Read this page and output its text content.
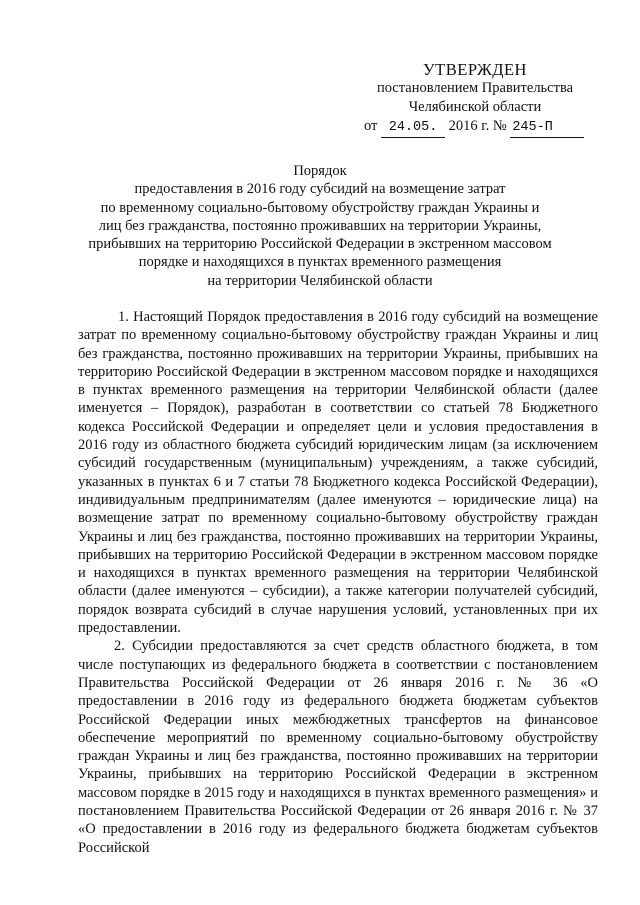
УТВЕРЖДЕН
постановлением Правительства
Челябинской области
от 24.05. 2016 г. № 245-П
Порядок
предоставления в 2016 году субсидий на возмещение затрат
по временному социально-бытовому обустройству граждан Украины и
лиц без гражданства, постоянно проживавших на территории Украины,
прибывших на территорию Российской Федерации в экстренном массовом
порядке и находящихся в пунктах временного размещения
на территории Челябинской области

1. Настоящий Порядок предоставления в 2016 году субсидий на возмещение затрат по временному социально-бытовому обустройству граждан Украины и лиц без гражданства, постоянно проживавших на территории Украины, прибывших на территорию Российской Федерации в экстренном массовом порядке и находящихся в пунктах временного размещения на территории Челябинской области (далее именуется – Порядок), разработан в соответствии со статьей 78 Бюджетного кодекса Российской Федерации и определяет цели и условия предоставления в 2016 году из областного бюджета субсидий юридическим лицам (за исключением субсидий государственным (муниципальным) учреждениям, а также субсидий, указанных в пунктах 6 и 7 статьи 78 Бюджетного кодекса Российской Федерации), индивидуальным предпринимателям (далее именуются – юридические лица) на возмещение затрат по временному социально-бытовому обустройству граждан Украины и лиц без гражданства, постоянно проживавших на территории Украины, прибывших на территорию Российской Федерации в экстренном массовом порядке и находящихся в пунктах временного размещения на территории Челябинской области (далее именуются – субсидии), а также категории получателей субсидий, порядок возврата субсидий в случае нарушения условий, установленных при их предоставлении.

2. Субсидии предоставляются за счет средств областного бюджета, в том числе поступающих из федерального бюджета в соответствии с постановлением Правительства Российской Федерации от 26 января 2016 г. № 36 «О предоставлении в 2016 году из федерального бюджета бюджетам субъектов Российской Федерации иных межбюджетных трансфертов на финансовое обеспечение мероприятий по временному социально-бытовому обустройству граждан Украины и лиц без гражданства, постоянно проживавших на территории Украины, прибывших на территорию Российской Федерации в экстренном массовом порядке в 2015 году и находящихся в пунктах временного размещения» и постановлением Правительства Российской Федерации от 26 января 2016 г. № 37 «О предоставлении в 2016 году из федерального бюджета бюджетам субъектов Российской
